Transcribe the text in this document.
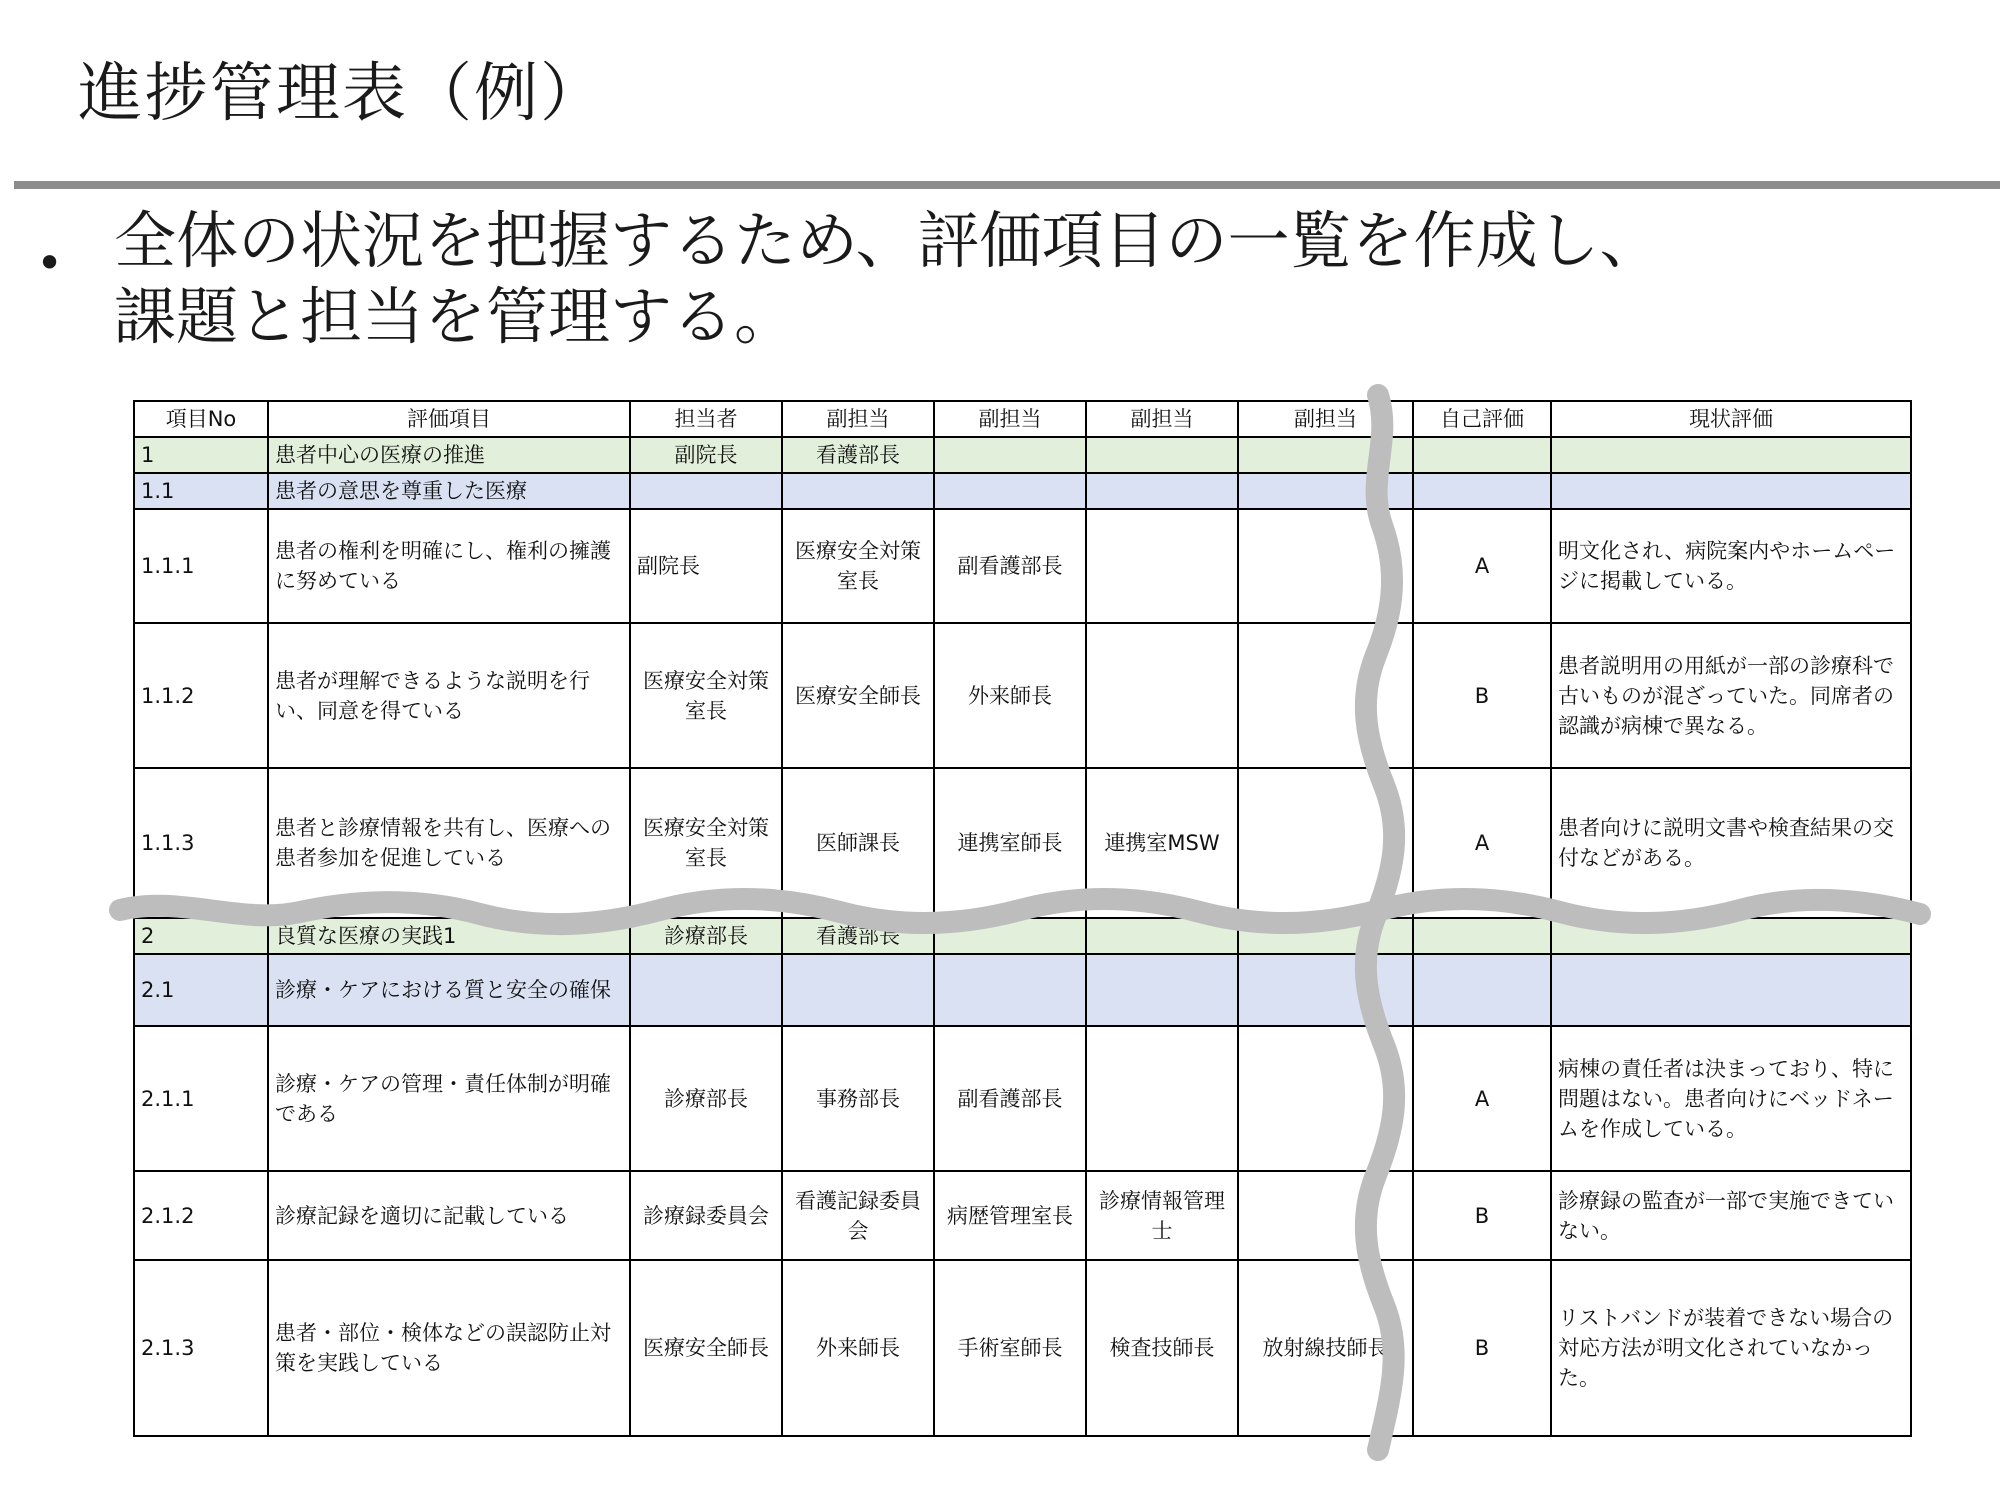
進捗管理表（例）
• 全体の状況を把握するため、評価項目の一覧を作成し、
課題と担当を管理する。
項目No	評価項目	担当者	副担当	副担当	副担当	副担当	自己評価	現状評価
1	患者中心の医療の推進	副院長	看護部長					
1.1	患者の意思を尊重した医療							
1.1.1	患者の権利を明確にし、権利の擁護に努めている	副院長	医療安全対策室長	副看護部長			A	明文化され、病院案内やホームページに掲載している。
1.1.2	患者が理解できるような説明を行い、同意を得ている	医療安全対策室長	医療安全師長	外来師長			B	患者説明用の用紙が一部の診療科で古いものが混ざっていた。同席者の認識が病棟で異なる。
1.1.3	患者と診療情報を共有し、医療への患者参加を促進している	医療安全対策室長	医師課長	連携室師長	連携室MSW		A	患者向けに説明文書や検査結果の交付などがある。
2	良質な医療の実践1	診療部長	看護部長					
2.1	診療・ケアにおける質と安全の確保							
2.1.1	診療・ケアの管理・責任体制が明確である	診療部長	事務部長	副看護部長			A	病棟の責任者は決まっており、特に問題はない。患者向けにベッドネームを作成している。
2.1.2	診療記録を適切に記載している	診療録委員会	看護記録委員会	病歴管理室長	診療情報管理士		B	診療録の監査が一部で実施できていない。
2.1.3	患者・部位・検体などの誤認防止対策を実践している	医療安全師長	外来師長	手術室師長	検査技師長	放射線技師長	B	リストバンドが装着できない場合の対応方法が明文化されていなかった。
